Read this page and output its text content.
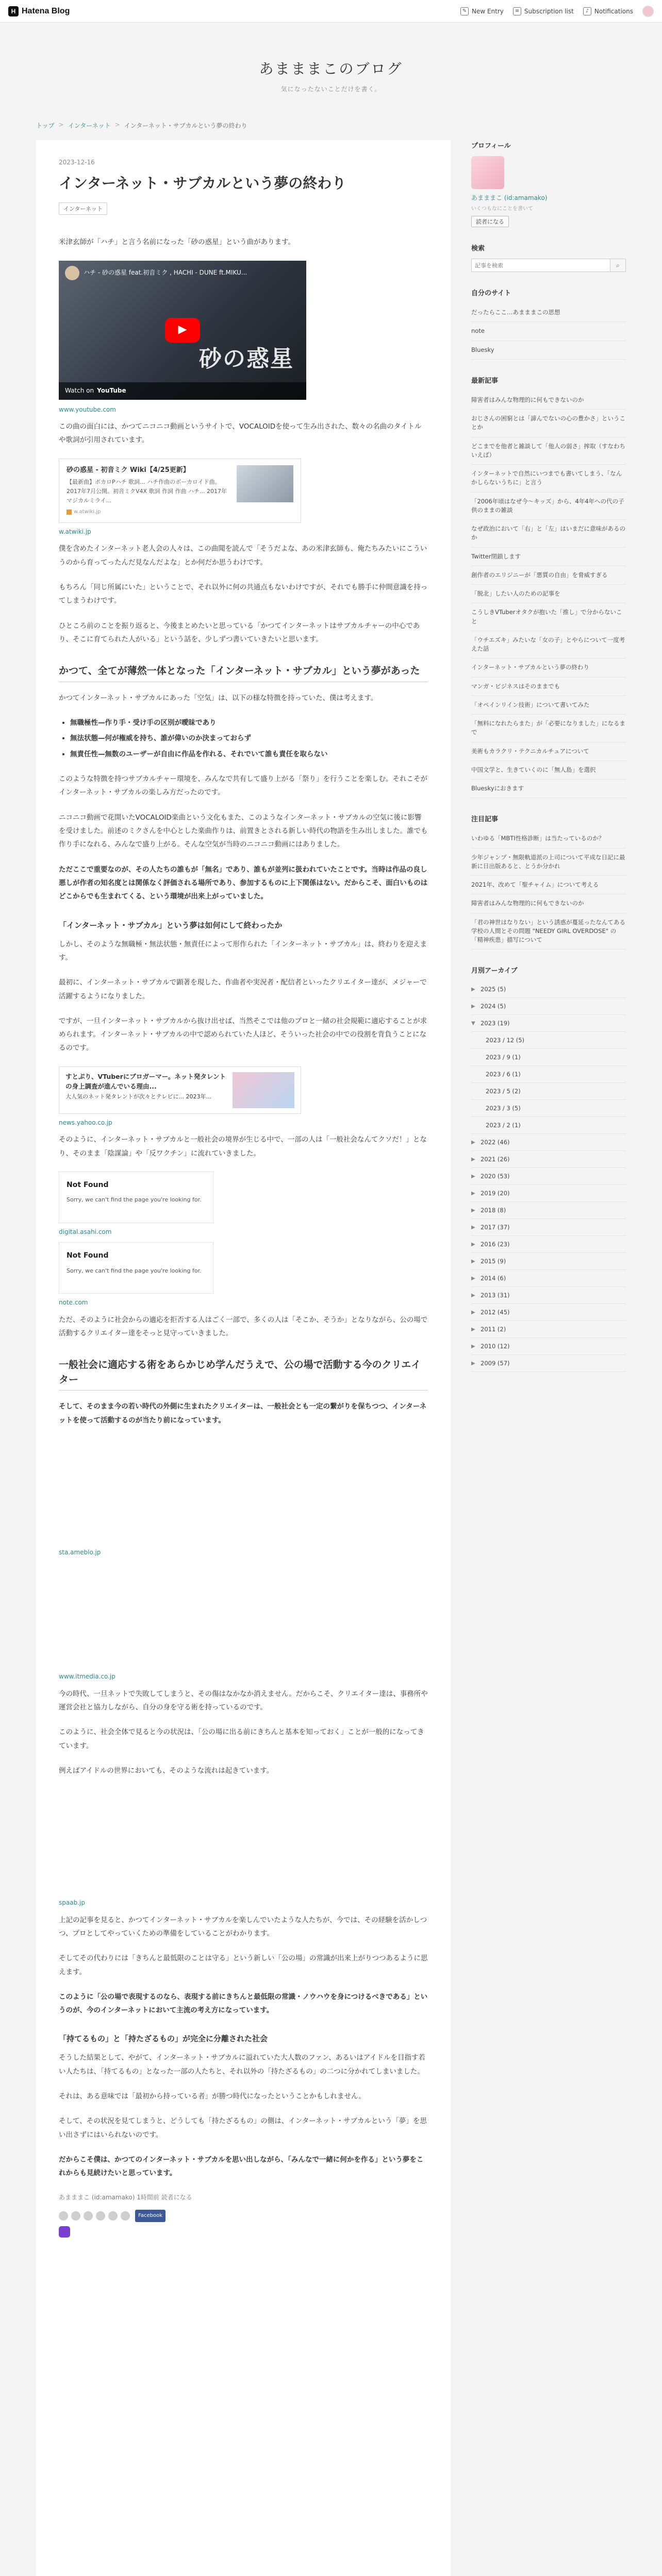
H Hatena Blog	✎ New Entry	≡ Subscription list	♪ Notifications
あまままこのブログ
気になったないことだけを書く。
トップ > インターネット > インターネット・サブカルという夢の終わり
2023-12-16
インターネット・サブカルという夢の終わり
インターネット

米津玄師が「ハチ」と言う名前になった「砂の惑星」という曲があります。

ハチ - 砂の惑星 feat.初音ミク , HACHI - DUNE ft.MIKU...
砂の惑星
▶
Watch on YouTube
www.youtube.com

この曲の面白には、かつてニコニコ動画というサイトで、VOCALOIDを使って生み出された、数々の名曲のタイトルや歌詞が引用されています。

砂の惑星 - 初音ミク Wiki【4/25更新】
【最新曲】ボカロPハチ 歌詞... ハチ作曲のボーカロイド曲。2017年7月公開。初音ミクV4X 歌詞 作詞 作曲 ハチ... 2017年 マジカルミライ...
w.atwiki.jp
w.atwiki.jp

僕を含めたインターネット老人会の人々は、この曲聞を読んで「そうだよな、あの米津玄師も、俺たちみたいにこういうのから育ってったんだ見なんだよな」とか何だか思うわけです。

もちろん「同じ所属にいた」ということで、それ以外に何の共通点もないわけですが、それでも勝手に仲間意識を持ってしまうわけです。

ひところ前のことを振り返ると、今後まとめたいと思っている「かつてインターネットはサブカルチャーの中心であり、そこに育てられた人がいる」という話を、少しずつ書いていきたいと思います。

かつて、全てが薄然一体となった「インターネット・サブカル」という夢があった

かつてインターネット・サブカルにあった「空気」は、以下の様な特徴を持っていた、僕は考えます。

• 無職極性—作り手・受け手の区別が曖昧であり
• 無法状態—何が権威を持ち、誰が偉いのか決まっておらず
• 無責任性—無数のユーザーが自由に作品を作れる、それでいて誰も責任を取らない

このような特徴を持つサブカルチャー環境を、みんなで共有して盛り上がる「祭り」を行うことを楽しむ。それこそがインターネット・サブカルの楽しみ方だったのです。

ニコニコ動画で花開いたVOCALOID楽曲という文化もまた、このようなインターネット・サブカルの空気に後に影響を受けました。前述のミクさんを中心とした楽曲作りは、前置きとされる新しい時代の物語を生み出しました。誰でも作り手になれる、みんなで盛り上がる。そんな空気が当時のニコニコ動画にはありました。

ただここで重要なのが、その人たちの誰もが「無名」であり、誰もが並列に扱われていたことです。当時は作品の良し悪しが作者の知名度とは関係なく評価される場所であり、参加するものに上下関係はない。だからこそ、面白いものはどこからでも生まれてくる、という環境が出来上がっていました。

「インターネット・サブカル」という夢は如何にして終わったか

しかし、そのような無職極・無法状態・無責任によって形作られた「インターネット・サブカル」は、終わりを迎えます。

最初に、インターネット・サブカルで顕著を現した、作曲者や実況者・配信者といったクリエイター達が、メジャーで活躍するようになりました。

ですが、一旦インターネット・サブカルから抜け出せば、当然そこでは他のプロと一緒の社会規範に適応することが求められます。インターネット・サブカルの中で認められていた人ほど、そういった社会の中での役割を背負うことになるのです。

すとぷり、VTuberにブロガーマー。ネット発タレントの身上調査が進んでいる理由...
大人気のネット発タレントが次々とテレビに... 2023年...
news.yahoo.co.jp

そのように、インターネット・サブカルと一般社会の境界が生じる中で、一部の人は「一般社会なんてクソだ！」となり、そのまま「陰謀論」や「反ワクチン」に流れていきました。

Not Found
Sorry, we can't find the page you're looking for.
digital.asahi.com
Not Found
Sorry, we can't find the page you're looking for.
note.com

ただ、そのように社会からの適応を拒否する人はごく一部で、多くの人は「そこか、そうか」となりながら、公の場で活動するクリエイター達をそっと見守っていきました。

一般社会に適応する術をあらかじめ学んだうえで、公の場で活動する今のクリエイター

そして、そのまま今の若い時代の外側に生まれたクリエイターは、一般社会とも一定の繋がりを保ちつつ、インターネットを使って活動するのが当たり前になっています。

sta.ameblo.jp
www.itmedia.co.jp

今の時代、一旦ネットで失敗してしまうと、その傷はなかなか消えません。だからこそ、クリエイター達は、事務所や運営会社と協力しながら、自分の身を守る術を持っているのです。

このように、社会全体で見ると今の状況は、「公の場に出る前にきちんと基本を知っておく」ことが一般的になってきています。

例えばアイドルの世界においても、そのような流れは起きています。

spaab.jp

上記の記事を見ると、かつてインターネット・サブカルを楽しんでいたような人たちが、今では、その経験を活かしつつ、プロとしてやっていくための準備をしていることがわかります。

そしてその代わりには「きちんと最低限のことは守る」という新しい「公の場」の常識が出来上がりつつあるように思えます。

このように「公の場で表現するのなら、表現する前にきちんと最低限の常識・ノウハウを身につけるべきである」というのが、今のインターネットにおいて主流の考え方になっています。

「持てるもの」と「持たざるもの」が完全に分離された社会

そうした結果として、やがて、インターネット・サブカルに溢れていた大人数のファン、あるいはアイドルを目指す若い人たちは、「持てるもの」となった一部の人たちと、それ以外の「持たざるもの」の二つに分かれてしまいました。

それは、ある意味では「最初から持っている者」が勝つ時代になったということかもしれません。

そして、その状況を見てしまうと、どうしても「持たざるもの」の側は、インターネット・サブカルという「夢」を思い出さずにはいられないのです。

だからこそ僕は、かつてのインターネット・サブカルを思い出しながら、「みんなで一緒に何かを作る」という夢をこれからも見続けたいと思っています。

あまままこ (id:amamako) 1時間前 読者になる
Facebook
プロフィール
あまままこ (id:amamako)
いくつもなにことを書いて
読者になる
検索
記事を検索
⌕
自分のサイト
だったらここ…あまままこの思想
note
Bluesky
最新記事
障害者はみんな物理的に何もできないのか
おじさんの困窮とは「諦んでないの心の豊かさ」ということか
どこまでを他者と雑談して「他人の弱さ」搾取（すなわちいえば）
インターネットで自然にいつまでも書いてしまう、「なんかしらないうちに」と言う
「2006年頃はなぜ今～キッズ」から、4年4年への代の子供のままの雑談
なぜ政治において「右」と「左」はいまだに意味があるのか
Twitter閉鎖します
創作者のエリジニーが「悪質の自由」を脅威すぎる
「脱北」したい人のための記事を
こうしきVTuberオタクが抱いた「推し」で分からないこと
「ウチエズキ」みたいな「女の子」とやらについて一度考えた話
インターネット・サブカルという夢の終わり
マンガ・ビジネスはそのままでも
「オペインリイン技術」について書いてみた
「無料になれたらまた」が「必要になりました」になるまで
美術もカラクリ・テクニカルチュアについて
中国文学と、生きていくのに「無人島」を選択
Blueskyにおきます
注目記事
いわゆる「MBTI性格診断」は当たっているのか？
少年ジャンプ・無限軌道派の上司について平成な日記に最新に日出版あると、とうか分かれ
2021年、改めて「聖チャイム」について考える
障害者はみんな物理的に何もできないのか
「君の神世はなりない」という誘惑が蔓延ったなんてある学校の人間とその問題 "NEEDY GIRL OVERDOSE" の「精神疾患」描写について
月別アーカイブ
▶ 2025 (5)
▶ 2024 (5)
▼ 2023 (19)
2023 / 12 (5)
2023 / 9 (1)
2023 / 6 (1)
2023 / 5 (2)
2023 / 3 (5)
2023 / 2 (1)
▶ 2022 (46)
▶ 2021 (26)
▶ 2020 (53)
▶ 2019 (20)
▶ 2018 (8)
▶ 2017 (37)
▶ 2016 (23)
▶ 2015 (9)
▶ 2014 (6)
▶ 2013 (31)
▶ 2012 (45)
▶ 2011 (2)
▶ 2010 (12)
▶ 2009 (57)
